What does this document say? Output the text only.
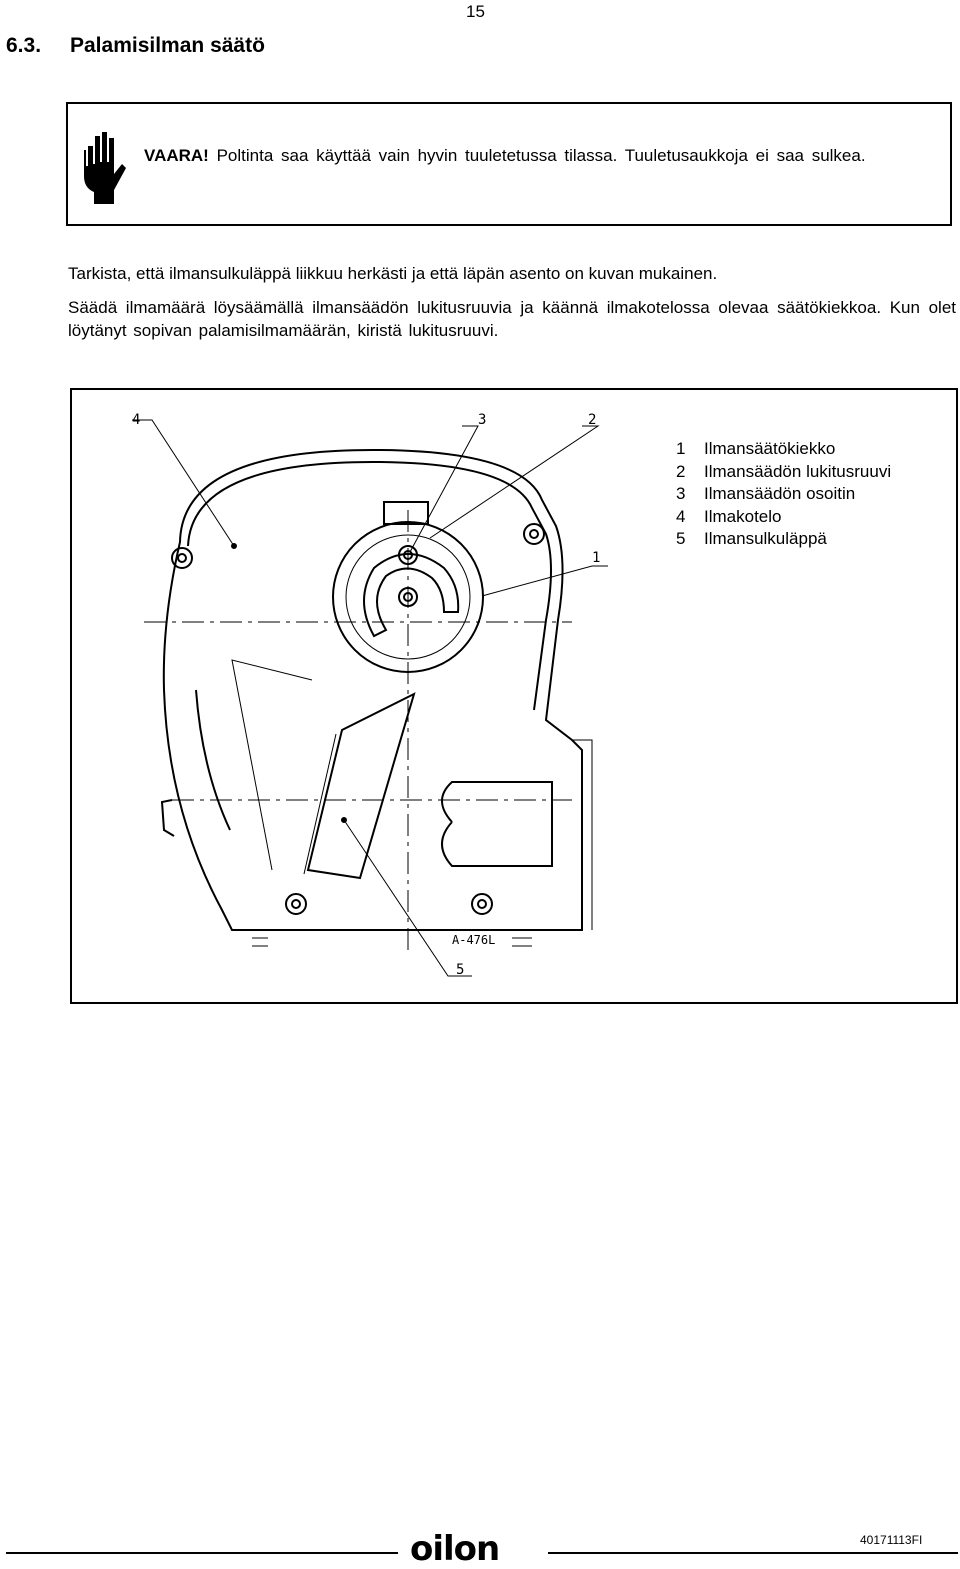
15
6.3. Palamisilman säätö
VAARA! Poltinta saa käyttää vain hyvin tuuletetussa tilassa. Tuuletusaukkoja ei saa sulkea.
Tarkista, että ilmansulkuläppä liikkuu herkästi ja että läpän asento on kuvan mukainen.
Säädä ilmamäärä löysäämällä ilmansäädön lukitusruuvia ja käännä ilmakotelossa olevaa säätökiekkoa. Kun olet löytänyt sopivan palamisilmamäärän, kiristä lukitusruuvi.
4	3	2
1
5
A-476L
1 Ilmansäätökiekko
2 Ilmansäädön lukitusruuvi
3 Ilmansäädön osoitin
4 Ilmakotelo
5 Ilmansulkuläppä
oilon	40171113FI
